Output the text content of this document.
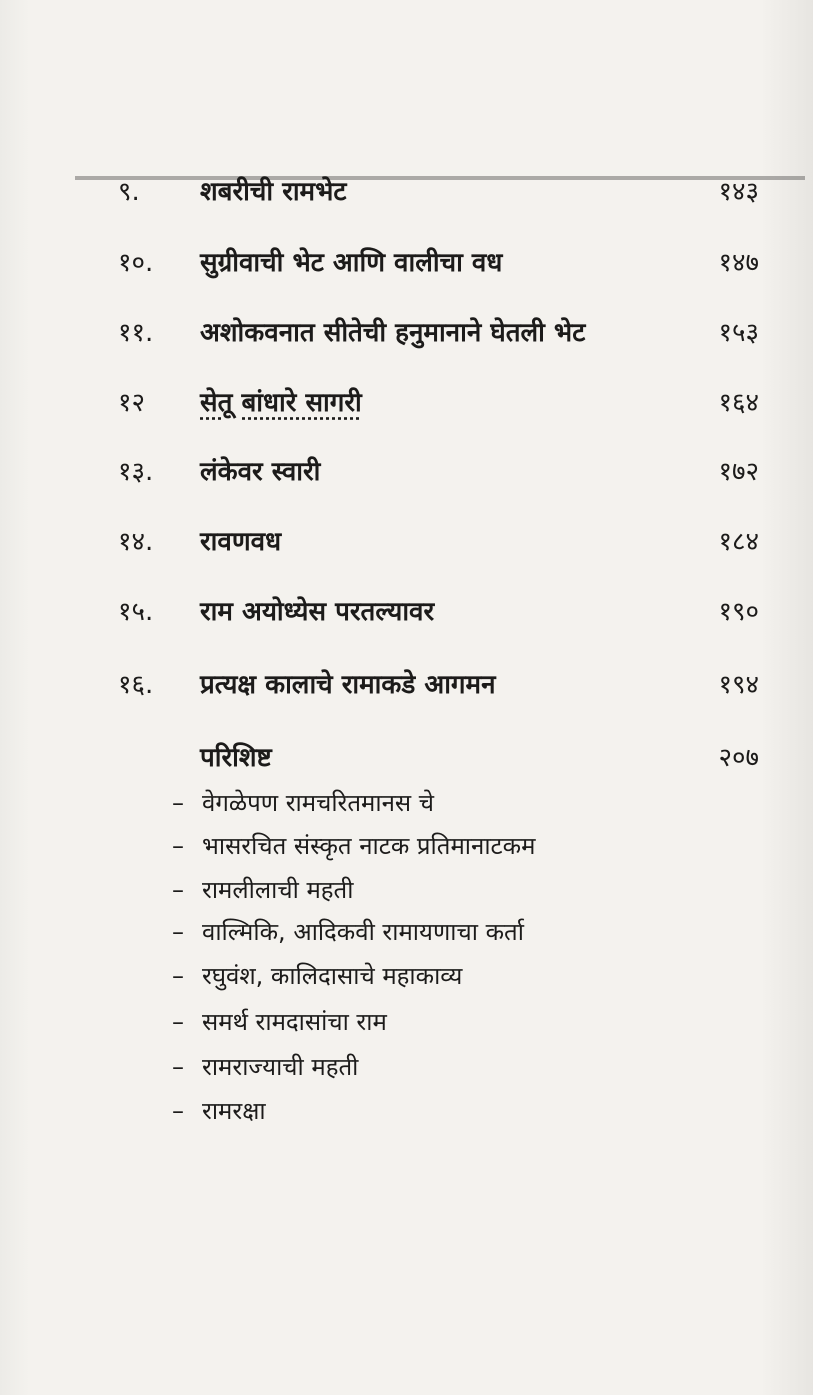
९. शबरीची रामभेट	१४३
१०. सुग्रीवाची भेट आणि वालीचा वध	१४७
११. अशोकवनात सीतेची हनुमानाने घेतली भेट	१५३
१२ सेतू बांधारे सागरी	१६४
१३. लंकेवर स्वारी	१७२
१४. रावणवध	१८४
१५. राम अयोध्येस परतल्यावर	१९०
१६. प्रत्यक्ष कालाचे रामाकडे आगमन	१९४
परिशिष्ट	२०७
– वेगळेपण रामचरितमानस चे
– भासरचित संस्कृत नाटक प्रतिमानाटकम
– रामलीलाची महती
– वाल्मिकि, आदिकवी रामायणाचा कर्ता
– रघुवंश, कालिदासाचे महाकाव्य
– समर्थ रामदासांचा राम
– रामराज्याची महती
– रामरक्षा
